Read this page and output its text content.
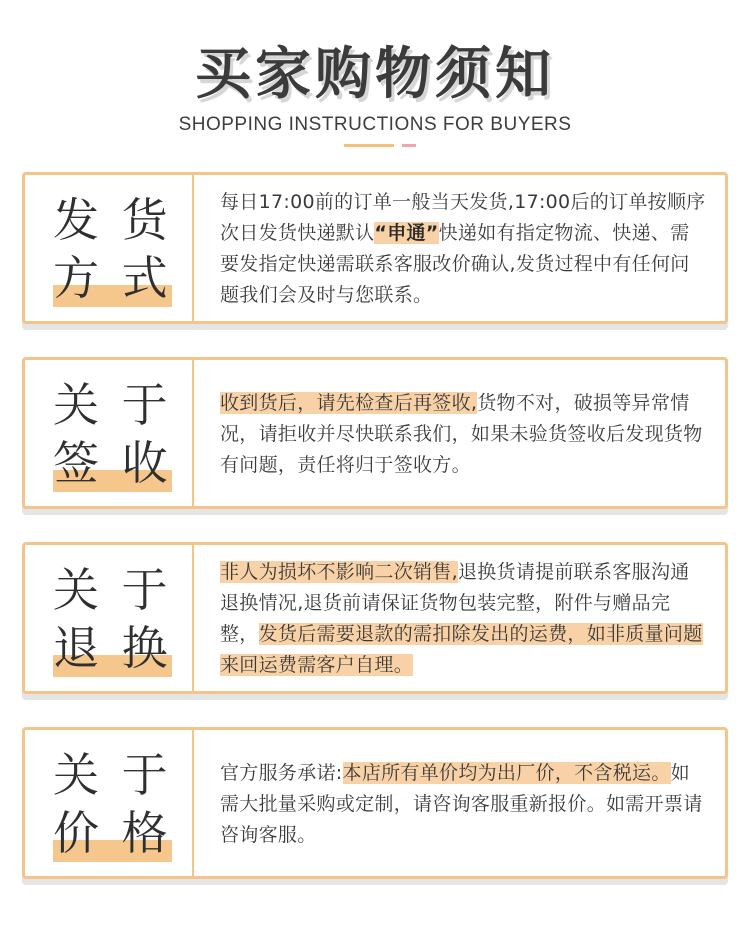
买家购物须知
SHOPPING INSTRUCTIONS FOR BUYERS
发 货
方 式
每日17:00前的订单一般当天发货,17:00后的订单按顺序次日发货快递默认“申通”快递如有指定物流、快递、需要发指定快递需联系客服改价确认,发货过程中有任何问题我们会及时与您联系。
关 于
签 收
收到货后，请先检查后再签收,货物不对，破损等异常情况，请拒收并尽快联系我们，如果未验货签收后发现货物有问题，责任将归于签收方。
关 于
退 换
非人为损坏不影响二次销售,退换货请提前联系客服沟通退换情况,退货前请保证货物包装完整，附件与赠品完整，发货后需要退款的需扣除发出的运费，如非质量问题来回运费需客户自理。
关 于
价 格
官方服务承诺:本店所有单价均为出厂价，不含税运。如需大批量采购或定制，请咨询客服重新报价。如需开票请咨询客服。
